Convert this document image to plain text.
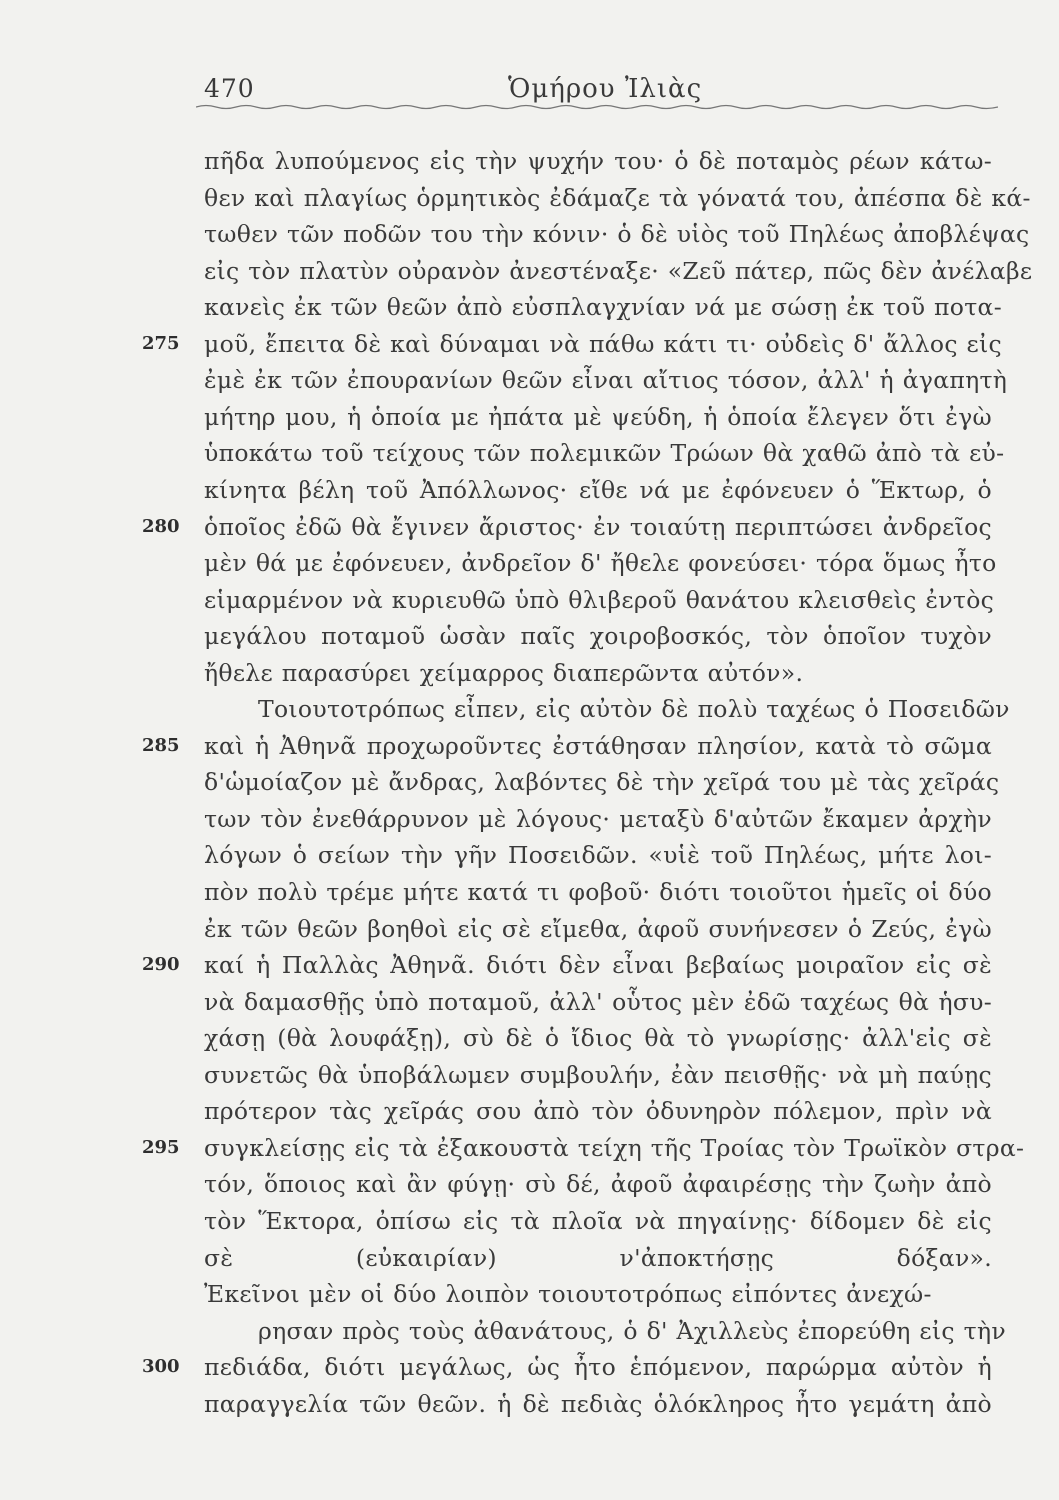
470	Ὁμήρου Ἰλιὰς
πῆδα λυπούμενος εἰς τὴν ψυχήν του· ὁ δὲ ποταμὸς ρέων κάτω-
θεν καὶ πλαγίως ὁρμητικὸς ἐδάμαζε τὰ γόνατά του, ἀπέσπα δὲ κά-
τωθεν τῶν ποδῶν του τὴν κόνιν· ὁ δὲ υἱὸς τοῦ Πηλέως ἀποβλέψας
εἰς τὸν πλατὺν οὐρανὸν ἀνεστέναξε· «Ζεῦ πάτερ, πῶς δὲν ἀνέλαβε
κανεὶς ἐκ τῶν θεῶν ἀπὸ εὐσπλαγχνίαν νά με σώσῃ ἐκ τοῦ ποτα-
μοῦ, ἔπειτα δὲ καὶ δύναμαι νὰ πάθω κάτι τι· οὐδεὶς δ' ἄλλος εἰς
ἐμὲ ἐκ τῶν ἐπουρανίων θεῶν εἶναι αἴτιος τόσον, ἀλλ' ἡ ἀγαπητὴ
μήτηρ μου, ἡ ὁποία με ἠπάτα μὲ ψεύδη, ἡ ὁποία ἔλεγεν ὅτι ἐγὼ
ὑποκάτω τοῦ τείχους τῶν πολεμικῶν Τρώων θὰ χαθῶ ἀπὸ τὰ εὐ-
κίνητα βέλη τοῦ Ἀπόλλωνος· εἴθε νά με ἐφόνευεν ὁ Ἕκτωρ, ὁ
ὁποῖος ἐδῶ θὰ ἔγινεν ἄριστος· ἐν τοιαύτῃ περιπτώσει ἀνδρεῖος
μὲν θά με ἐφόνευεν, ἀνδρεῖον δ' ἤθελε φονεύσει· τόρα ὅμως ἦτο
εἱμαρμένον νὰ κυριευθῶ ὑπὸ θλιβεροῦ θανάτου κλεισθεὶς ἐντὸς
μεγάλου ποταμοῦ ὡσὰν παῖς χοιροβοσκός, τὸν ὁποῖον τυχὸν
ἤθελε παρασύρει χείμαρρος διαπερῶντα αὐτόν».
Τοιουτοτρόπως εἶπεν, εἰς αὐτὸν δὲ πολὺ ταχέως ὁ Ποσειδῶν
καὶ ἡ Ἀθηνᾶ προχωροῦντες ἐστάθησαν πλησίον, κατὰ τὸ σῶμα
δ'ὡμοίαζον μὲ ἄνδρας, λαβόντες δὲ τὴν χεῖρά του μὲ τὰς χεῖράς
των τὸν ἐνεθάρρυνον μὲ λόγους· μεταξὺ δ'αὐτῶν ἔκαμεν ἀρχὴν
λόγων ὁ σείων τὴν γῆν Ποσειδῶν. «υἱὲ τοῦ Πηλέως, μήτε λοι-
πὸν πολὺ τρέμε μήτε κατά τι φοβοῦ· διότι τοιοῦτοι ἡμεῖς οἱ δύο
ἐκ τῶν θεῶν βοηθοὶ εἰς σὲ εἴμεθα, ἀφοῦ συνήνεσεν ὁ Ζεύς, ἐγὼ
καί ἡ Παλλὰς Ἀθηνᾶ. διότι δὲν εἶναι βεβαίως μοιραῖον εἰς σὲ
νὰ δαμασθῇς ὑπὸ ποταμοῦ, ἀλλ' οὗτος μὲν ἐδῶ ταχέως θὰ ἡσυ-
χάσῃ (θὰ λουφάξῃ), σὺ δὲ ὁ ἴδιος θὰ τὸ γνωρίσῃς· ἀλλ'εἰς σὲ
συνετῶς θὰ ὑποβάλωμεν συμβουλήν, ἐὰν πεισθῇς· νὰ μὴ παύῃς
πρότερον τὰς χεῖράς σου ἀπὸ τὸν ὀδυνηρὸν πόλεμον, πρὶν νὰ
συγκλείσῃς εἰς τὰ ἐξακουστὰ τείχη τῆς Τροίας τὸν Τρωϊκὸν στρα-
τόν, ὅποιος καὶ ἂν φύγῃ· σὺ δέ, ἀφοῦ ἀφαιρέσῃς τὴν ζωὴν ἀπὸ
τὸν Ἕκτορα, ὀπίσω εἰς τὰ πλοῖα νὰ πηγαίνῃς· δίδομεν δὲ εἰς
σὲ (εὐκαιρίαν) ν'ἀποκτήσῃς δόξαν».
Ἐκεῖνοι μὲν οἱ δύο λοιπὸν τοιουτοτρόπως εἰπόντες ἀνεχώ-
ρησαν πρὸς τοὺς ἀθανάτους, ὁ δ' Ἀχιλλεὺς ἐπορεύθη εἰς τὴν
πεδιάδα, διότι μεγάλως, ὡς ἦτο ἑπόμενον, παρώρμα αὐτὸν ἡ
παραγγελία τῶν θεῶν. ἡ δὲ πεδιὰς ὁλόκληρος ἦτο γεμάτη ἀπὸ
275
280
285
290
295
300
